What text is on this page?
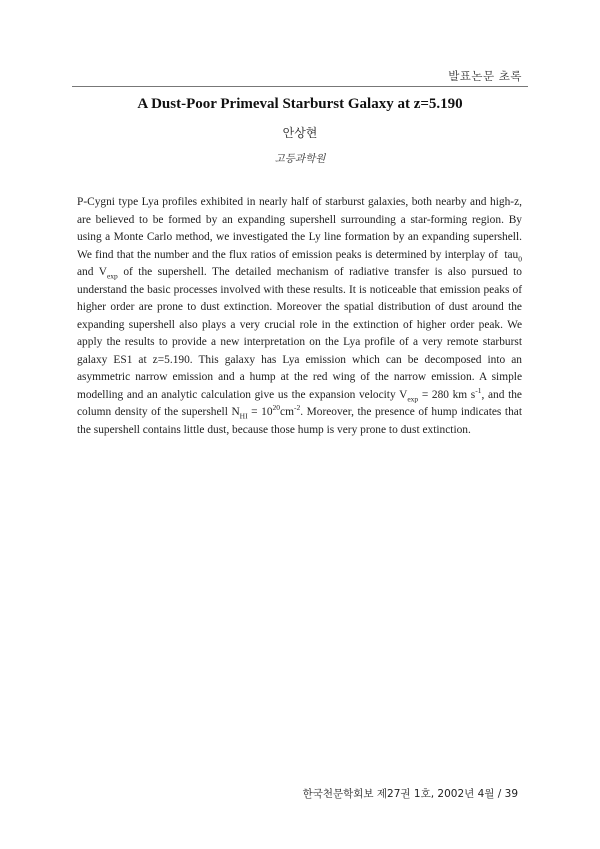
발표논문 초록
A Dust-Poor Primeval Starburst Galaxy at z=5.190
안상현
고등과학원

P-Cygni type Lya profiles exhibited in nearly half of starburst galaxies, both nearby and high-z, are believed to be formed by an expanding supershell surrounding a star-forming region. By using a Monte Carlo method, we investigated the Ly line formation by an expanding supershell. We find that the number and the flux ratios of emission peaks is determined by interplay of tau$_0$ and $V_{exp}$ of the supershell. The detailed mechanism of radiative transfer is also pursued to understand the basic processes involved with these results. It is noticeable that emission peaks of higher order are prone to dust extinction. Moreover the spatial distribution of dust around the expanding supershell also plays a very crucial role in the extinction of higher order peak. We apply the results to provide a new interpretation on the Lya profile of a very remote starburst galaxy ES1 at z=5.190. This galaxy has Lya emission which can be decomposed into an asymmetric narrow emission and a hump at the red wing of the narrow emission. A simple modelling and an analytic calculation give us the expansion velocity $V_{exp} = 280$ km $s^{-1}$, and the column density of the supershell $N_{HI} = 10^{20}cm^{-2}$. Moreover, the presence of hump indicates that the supershell contains little dust, because those hump is very prone to dust extinction.

한국천문학회보 제27권 1호, 2002년 4월 / 39
